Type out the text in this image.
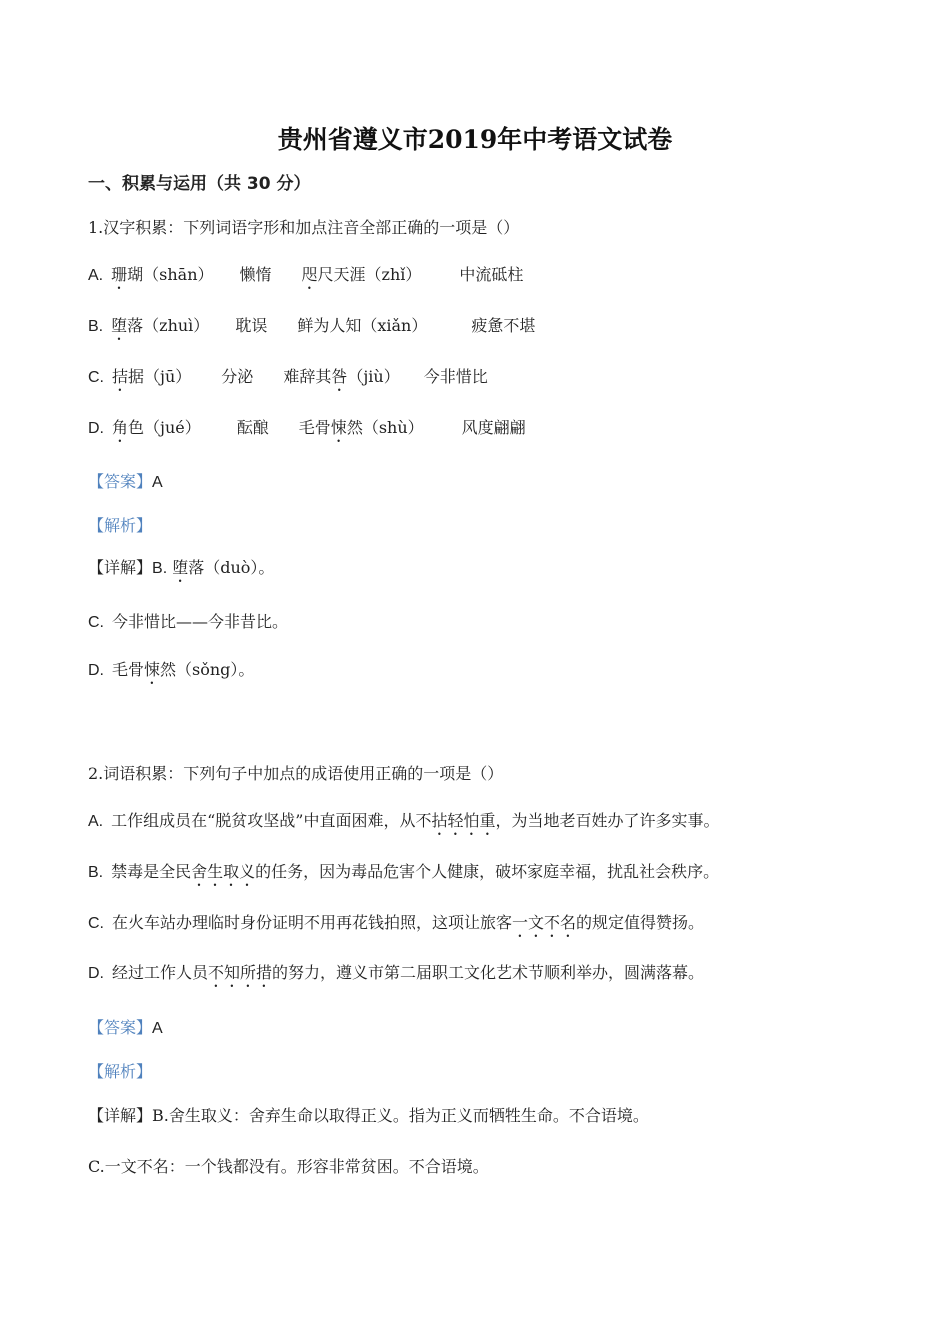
贵州省遵义市2019年中考语文试卷
一、积累与运用（共 30 分）
1.汉字积累：下列词语字形和加点注音全部正确的一项是（）
A. 珊瑚（shān） 懒惰 咫尺天涯（zhǐ） 中流砥柱
B. 堕落（zhuì） 耽误 鲜为人知（xiǎn）	疲惫不堪
C. 拮据（jū） 分泌 难辞其咎（jiù） 今非惜比
D. 角色（jué） 酝酿 毛骨悚然（shù） 风度翩翩
【答案】A
【解析】
【详解】B. 堕落（duò）。
C. 今非惜比——今非昔比。
D. 毛骨悚然（sǒng）。
2.词语积累：下列句子中加点的成语使用正确的一项是（）
A. 工作组成员在“脱贫攻坚战”中直面困难，从不拈轻怕重，为当地老百姓办了许多实事。
B. 禁毒是全民舍生取义的任务，因为毒品危害个人健康，破坏家庭幸福，扰乱社会秩序。
C. 在火车站办理临时身份证明不用再花钱拍照，这项让旅客一文不名的规定值得赞扬。
D. 经过工作人员不知所措的努力，遵义市第二届职工文化艺术节顺利举办，圆满落幕。
【答案】A
【解析】
【详解】B.舍生取义：舍弃生命以取得正义。指为正义而牺牲生命。不合语境。
C.一文不名：一个钱都没有。形容非常贫困。不合语境。
